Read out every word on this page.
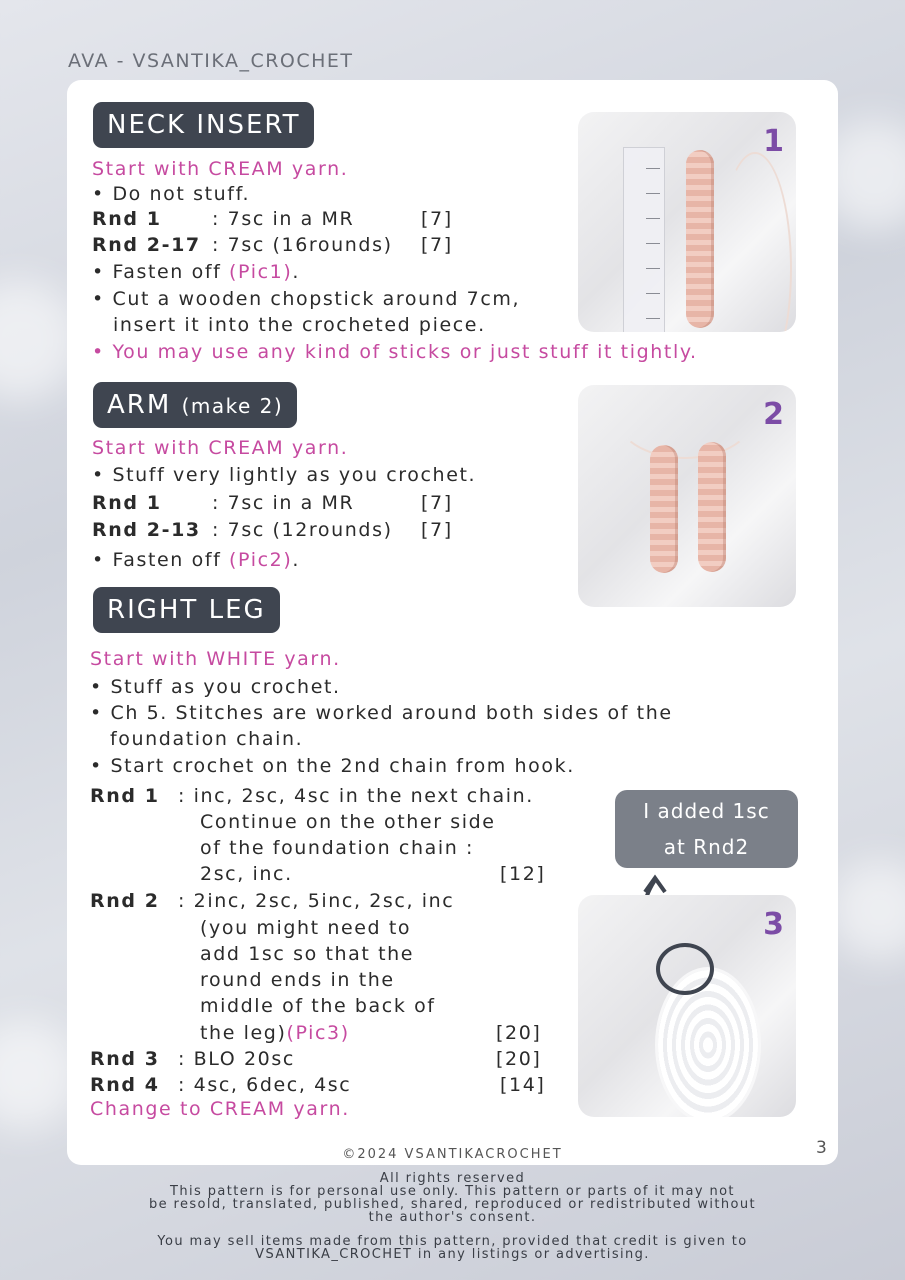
AVA - VSANTIKA_CROCHET
NECK INSERT
Start with CREAM yarn.
• Do not stuff.
Rnd 1	: 7sc in a MR	[7]
Rnd 2-17 : 7sc (16rounds) [7]
• Fasten off (Pic1).
• Cut a wooden chopstick around 7cm,
insert it into the crocheted piece.
• You may use any kind of sticks or just stuff it tightly.
1
ARM (make 2)
Start with CREAM yarn.
• Stuff very lightly as you crochet.
Rnd 1	: 7sc in a MR	[7]
Rnd 2-13 : 7sc (12rounds) [7]
• Fasten off (Pic2).
2
RIGHT LEG
Start with WHITE yarn.
• Stuff as you crochet.
• Ch 5. Stitches are worked around both sides of the
foundation chain.
• Start crochet on the 2nd chain from hook.
Rnd 1 : inc, 2sc, 4sc in the next chain.
Continue on the other side
of the foundation chain :
2sc, inc.	[12]
Rnd 2 : 2inc, 2sc, 5inc, 2sc, inc
(you might need to
add 1sc so that the
round ends in the
middle of the back of
the leg)(Pic3)	[20]
Rnd 3 : BLO 20sc	[20]
Rnd 4 : 4sc, 6dec, 4sc	[14]
Change to CREAM yarn.
I added 1sc
at Rnd2
3
©2024 VSANTIKACROCHET	3
All rights reserved
This pattern is for personal use only. This pattern or parts of it may not
be resold, translated, published, shared, reproduced or redistributed without
the author's consent.
You may sell items made from this pattern, provided that credit is given to
VSANTIKA_CROCHET in any listings or advertising.
